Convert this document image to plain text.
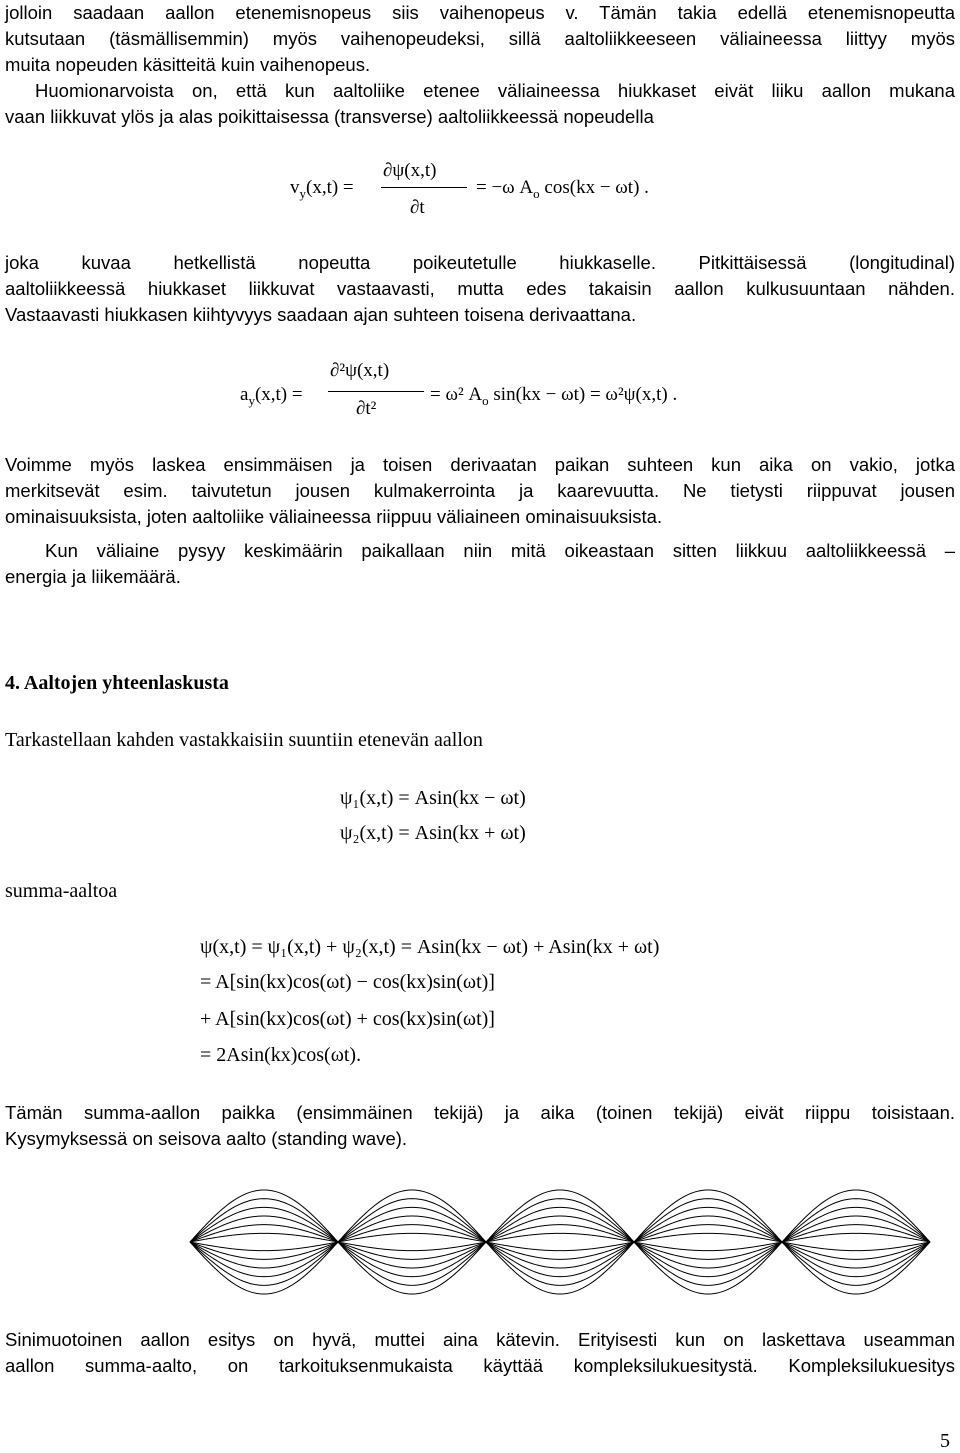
jolloin saadaan aallon etenemisnopeus siis vaihenopeus v. Tämän takia edellä etenemisnopeutta
kutsutaan (täsmällisemmin) myös vaihenopeudeksi, sillä aaltoliikkeeseen väliaineessa liittyy myös
muita nopeuden käsitteitä kuin vaihenopeus.
Huomionarvoista on, että kun aaltoliike etenee väliaineessa hiukkaset eivät liiku aallon mukana
vaan liikkuvat ylös ja alas poikittaisessa (transverse) aaltoliikkeessä nopeudella
$v_y(x,t)$ =
∂ψ(x,t)
∂t
= −ω $A_o$ cos(kx − ωt) .
joka kuvaa hetkellistä nopeutta poikeutetulle hiukkaselle. Pitkittäisessä (longitudinal)
aaltoliikkeessä hiukkaset liikkuvat vastaavasti, mutta edes takaisin aallon kulkusuuntaan nähden.
Vastaavasti hiukkasen kiihtyvyys saadaan ajan suhteen toisena derivaattana.
$a_y(x,t)$ =
∂²ψ(x,t)
∂t²
= ω² $A_o$ sin(kx − ωt) = ω²ψ(x,t) .
Voimme myös laskea ensimmäisen ja toisen derivaatan paikan suhteen kun aika on vakio, jotka
merkitsevät esim. taivutetun jousen kulmakerrointa ja kaarevuutta. Ne tietysti riippuvat jousen
ominaisuuksista, joten aaltoliike väliaineessa riippuu väliaineen ominaisuuksista.
Kun väliaine pysyy keskimäärin paikallaan niin mitä oikeastaan sitten liikkuu aaltoliikkeessä –
energia ja liikemäärä.
4. Aaltojen yhteenlaskusta
Tarkastellaan kahden vastakkaisiin suuntiin etenevän aallon
ψ₁(x,t) = Asin(kx − ωt)
ψ₂(x,t) = Asin(kx + ωt)
summa-aaltoa
ψ(x,t) = ψ₁(x,t) + ψ₂(x,t) = Asin(kx − ωt) + Asin(kx + ωt)
= A[sin(kx)cos(ωt) − cos(kx)sin(ωt)]
+ A[sin(kx)cos(ωt) + cos(kx)sin(ωt)]
= 2Asin(kx)cos(ωt).
Tämän summa-aallon paikka (ensimmäinen tekijä) ja aika (toinen tekijä) eivät riippu toisistaan.
Kysymyksessä on seisova aalto (standing wave).
Sinimuotoinen aallon esitys on hyvä, muttei aina kätevin. Erityisesti kun on laskettava useamman
aallon summa-aalto, on tarkoituksenmukaista käyttää kompleksilukuesitystä. Kompleksilukuesitys
5
